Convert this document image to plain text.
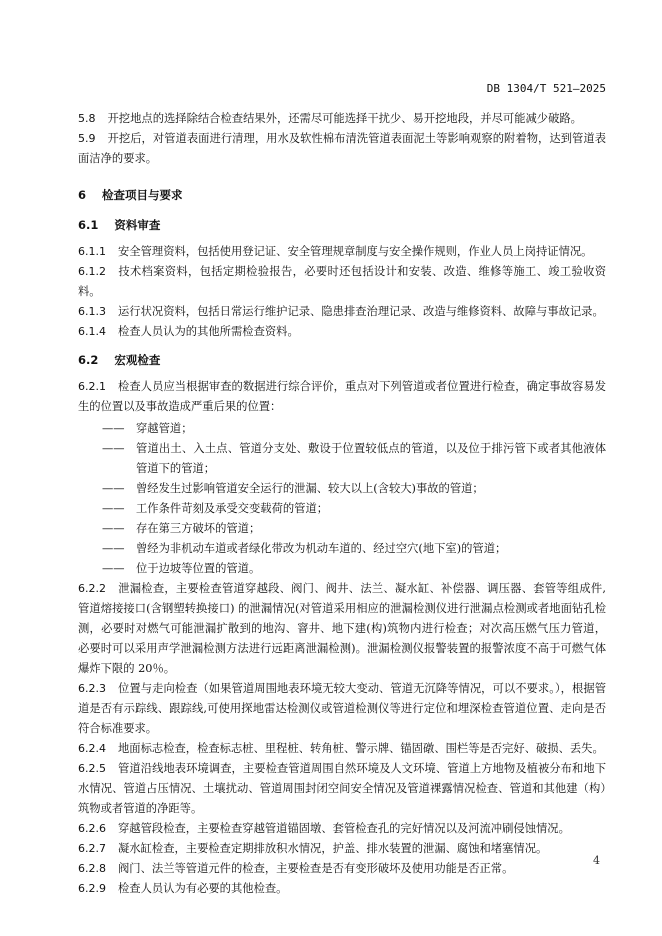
DB 1304/T 521—2025

5.8 开挖地点的选择除结合检查结果外，还需尽可能选择干扰少、易开挖地段，并尽可能减少破路。

5.9 开挖后，对管道表面进行清理，用水及软性棉布清洗管道表面泥土等影响观察的附着物，达到管道表面洁净的要求。

6 检查项目与要求
6.1 资料审查

6.1.1 安全管理资料，包括使用登记证、安全管理规章制度与安全操作规则，作业人员上岗持证情况。

6.1.2 技术档案资料，包括定期检验报告，必要时还包括设计和安装、改造、维修等施工、竣工验收资料。

6.1.3 运行状况资料，包括日常运行维护记录、隐患排查治理记录、改造与维修资料、故障与事故记录。

6.1.4 检查人员认为的其他所需检查资料。

6.2 宏观检查

6.2.1 检查人员应当根据审查的数据进行综合评价，重点对下列管道或者位置进行检查，确定事故容易发生的位置以及事故造成严重后果的位置：

——	穿越管道；
——	管道出土、入土点、管道分支处、敷设于位置较低点的管道，以及位于排污管下或者其他液体管道下的管道；
——	曾经发生过影响管道安全运行的泄漏、较大以上(含较大)事故的管道；
——	工作条件苛刻及承受交变载荷的管道；
——	存在第三方破坏的管道；
——	曾经为非机动车道或者绿化带改为机动车道的、经过空穴(地下室)的管道；
——	位于边坡等位置的管道。

6.2.2 泄漏检查，主要检查管道穿越段、阀门、阀井、法兰、凝水缸、补偿器、调压器、套管等组成件,管道熔接接口(含钢塑转换接口) 的泄漏情况(对管道采用相应的泄漏检测仪进行泄漏点检测或者地面钻孔检测，必要时对燃气可能泄漏扩散到的地沟、窨井、地下建(构)筑物内进行检查；对次高压燃气压力管道，必要时可以采用声学泄漏检测方法进行远距离泄漏检测)。泄漏检测仪报警装置的报警浓度不高于可燃气体爆炸下限的 20％。

6.2.3 位置与走向检查（如果管道周围地表环境无较大变动、管道无沉降等情况，可以不要求。），根据管道是否有示踪线、跟踪线,可使用探地雷达检测仪或管道检测仪等进行定位和埋深检查管道位置、走向是否符合标准要求。

6.2.4 地面标志检查，检查标志桩、里程桩、转角桩、警示牌、锚固礅、围栏等是否完好、破损、丢失。

6.2.5 管道沿线地表环境调查，主要检查管道周围自然环境及人文环境、管道上方地物及植被分布和地下水情况、管道占压情况、土壤扰动、管道周围封闭空间安全情况及管道裸露情况检查、管道和其他建（构）筑物或者管道的净距等。

6.2.6 穿越管段检查，主要检查穿越管道锚固墩、套管检查孔的完好情况以及河流冲刷侵蚀情况。

6.2.7 凝水缸检查，主要检查定期排放积水情况，护盖、排水装置的泄漏、腐蚀和堵塞情况。

6.2.8 阀门、法兰等管道元件的检查，主要检查是否有变形破坏及使用功能是否正常。

6.2.9 检查人员认为有必要的其他检查。

4
